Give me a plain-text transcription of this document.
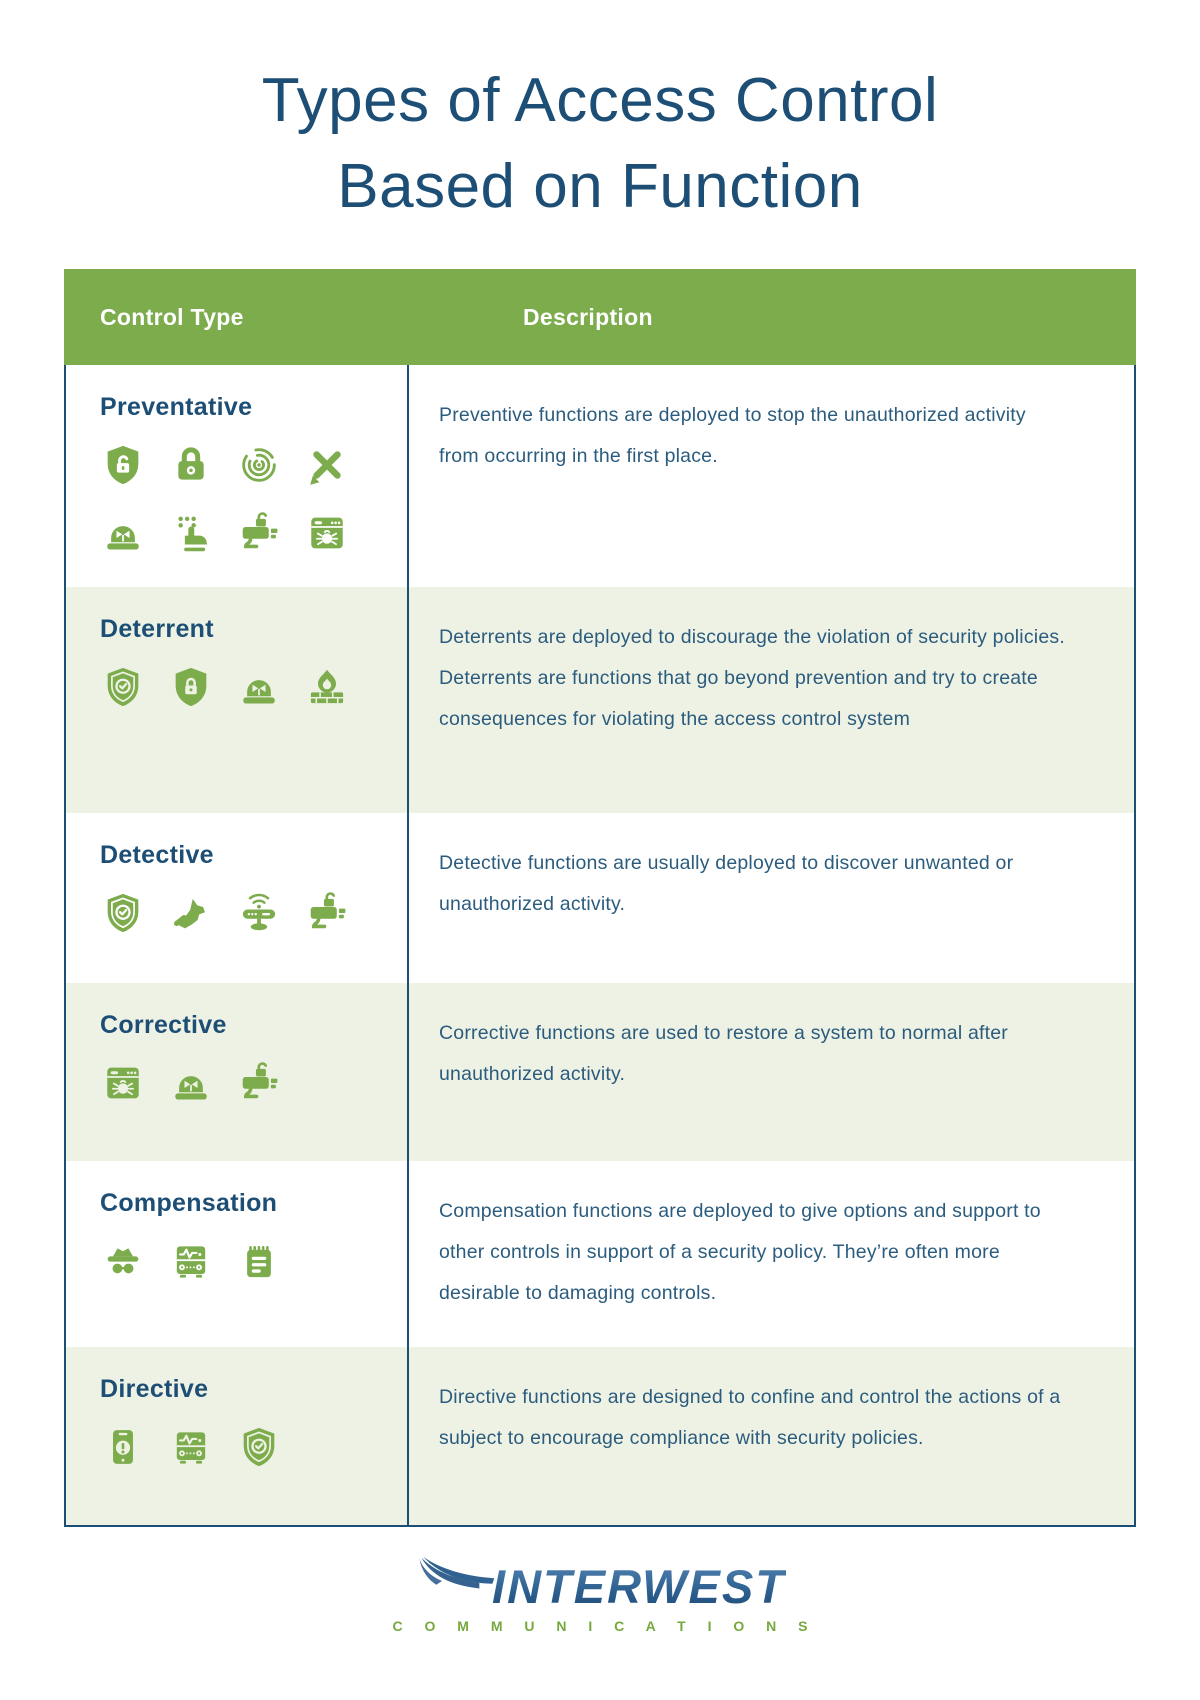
Types of Access Control
Based on Function
Control Type	Description
Preventative	Preventive functions are deployed to stop the unauthorized activity from occurring in the first place.
Deterrent	Deterrents are deployed to discourage the violation of security policies. Deterrents are functions that go beyond prevention and try to create consequences for violating the access control system
Detective	Detective functions are usually deployed to discover unwanted or unauthorized activity.
Corrective	Corrective functions are used to restore a system to normal after unauthorized activity.
Compensation	Compensation functions are deployed to give options and support to other controls in support of a security policy. They’re often more desirable to damaging controls.
Directive	Directive functions are designed to confine and control the actions of a subject to encourage compliance with security policies.
INTERWEST
C O M M U N I C A T I O N S
